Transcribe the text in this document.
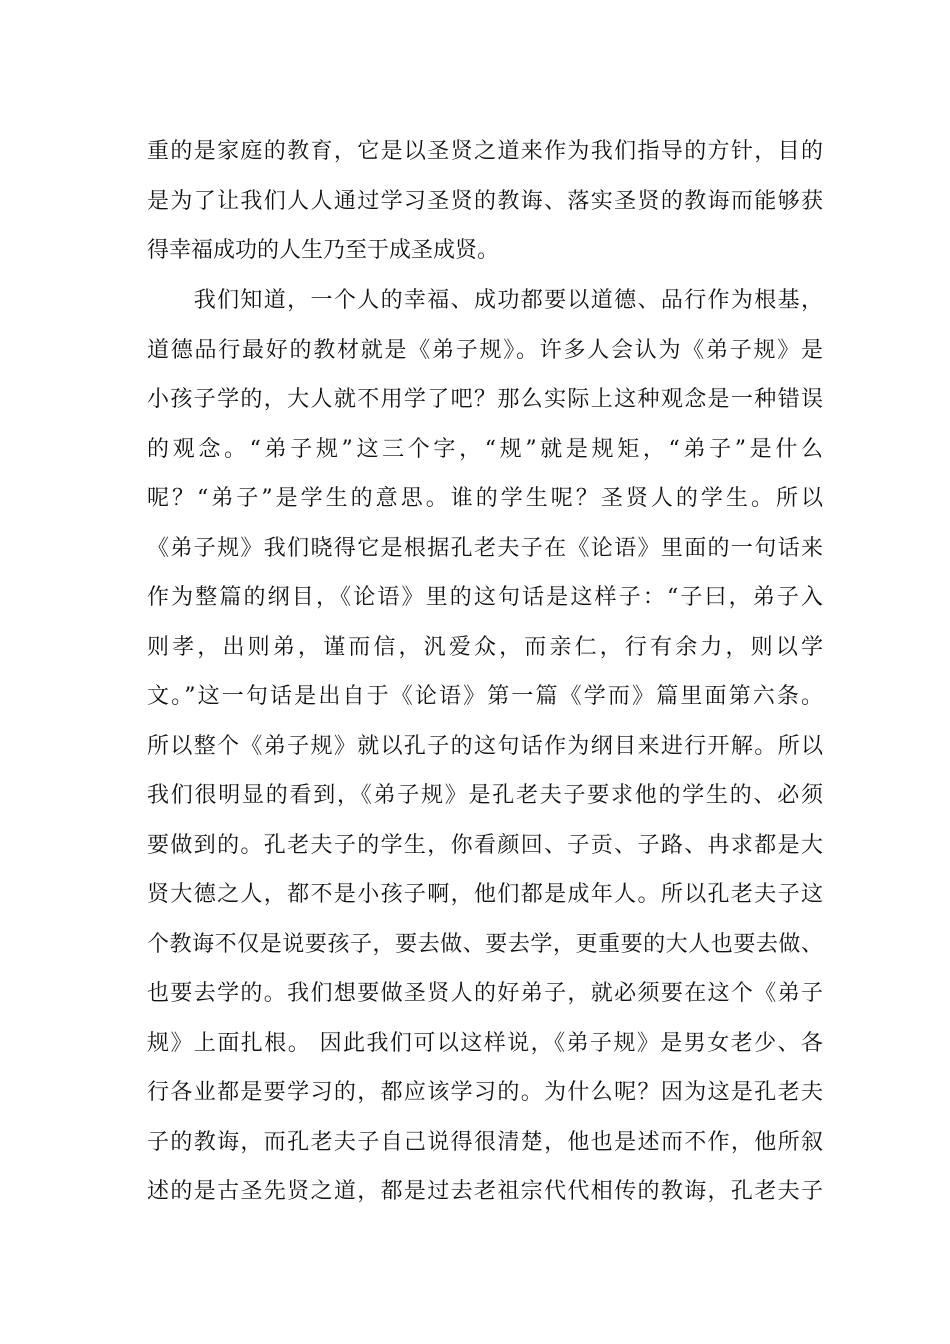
重的是家庭的教育，它是以圣贤之道来作为我们指导的方针，目的
是为了让我们人人通过学习圣贤的教诲、落实圣贤的教诲而能够获
得幸福成功的人生乃至于成圣成贤。
　　我们知道，一个人的幸福、成功都要以道德、品行作为根基，
道德品行最好的教材就是《弟子规》。许多人会认为《弟子规》是
小孩子学的，大人就不用学了吧？那么实际上这种观念是一种错误
的观念。“弟子规”这三个字，“规”就是规矩，“弟子”是什么
呢？“弟子”是学生的意思。谁的学生呢？圣贤人的学生。所以
《弟子规》我们晓得它是根据孔老夫子在《论语》里面的一句话来
作为整篇的纲目，《论语》里的这句话是这样子：“子曰，弟子入
则孝，出则弟，谨而信，汎爱众，而亲仁，行有余力，则以学
文。”这一句话是出自于《论语》第一篇《学而》篇里面第六条。
所以整个《弟子规》就以孔子的这句话作为纲目来进行开解。所以
我们很明显的看到，《弟子规》是孔老夫子要求他的学生的、必须
要做到的。孔老夫子的学生，你看颜回、子贡、子路、冉求都是大
贤大德之人，都不是小孩子啊，他们都是成年人。所以孔老夫子这
个教诲不仅是说要孩子，要去做、要去学，更重要的大人也要去做、
也要去学的。我们想要做圣贤人的好弟子，就必须要在这个《弟子
规》上面扎根。 因此我们可以这样说，《弟子规》是男女老少、各
行各业都是要学习的，都应该学习的。为什么呢？因为这是孔老夫
子的教诲，而孔老夫子自己说得很清楚，他也是述而不作，他所叙
述的是古圣先贤之道，都是过去老祖宗代代相传的教诲，孔老夫子
